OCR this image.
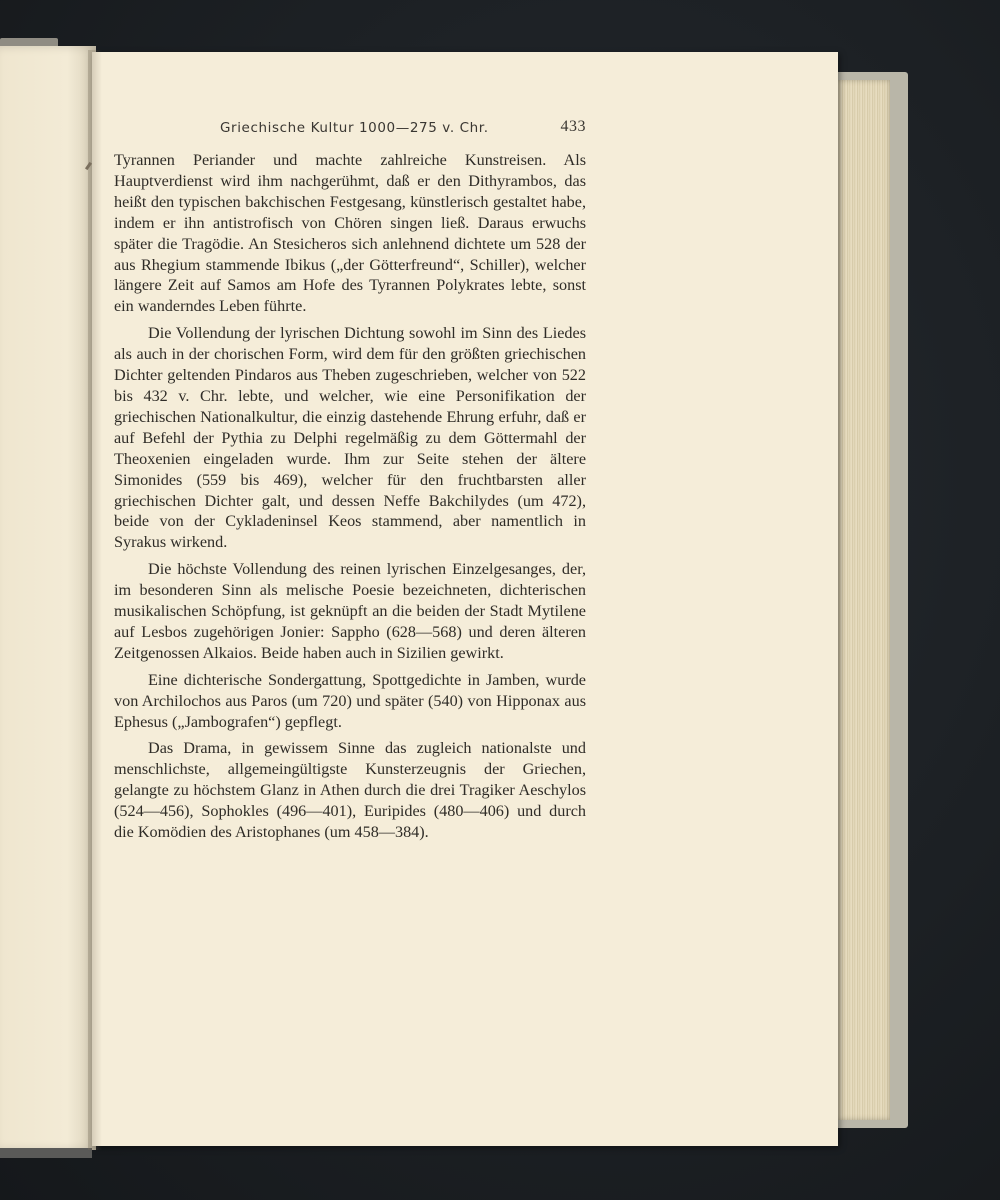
Griechische Kultur 1000—275 v. Chr.	433

Tyrannen Periander und machte zahlreiche Kunstreisen. Als Hauptverdienst wird ihm nachgerühmt, daß er den Dithyrambos, das heißt den typischen bakchischen Festgesang, künstlerisch gestaltet habe, indem er ihn antistrofisch von Chören singen ließ. Daraus erwuchs später die Tragödie. An Stesicheros sich anlehnend dichtete um 528 der aus Rhegium stammende Ibikus („der Götterfreund“, Schiller), welcher längere Zeit auf Samos am Hofe des Tyrannen Polykrates lebte, sonst ein wanderndes Leben führte.

Die Vollendung der lyrischen Dichtung sowohl im Sinn des Liedes als auch in der chorischen Form, wird dem für den größten griechischen Dichter geltenden Pindaros aus Theben zugeschrieben, welcher von 522 bis 432 v. Chr. lebte, und welcher, wie eine Personifikation der griechischen Nationalkultur, die einzig dastehende Ehrung erfuhr, daß er auf Befehl der Pythia zu Delphi regelmäßig zu dem Göttermahl der Theoxenien eingeladen wurde. Ihm zur Seite stehen der ältere Simonides (559 bis 469), welcher für den fruchtbarsten aller griechischen Dichter galt, und dessen Neffe Bakchilydes (um 472), beide von der Cykladeninsel Keos stammend, aber namentlich in Syrakus wirkend.

Die höchste Vollendung des reinen lyrischen Einzelgesanges, der, im besonderen Sinn als melische Poesie bezeichneten, dichterischen musikalischen Schöpfung, ist geknüpft an die beiden der Stadt Mytilene auf Lesbos zugehörigen Jonier: Sappho (628—568) und deren älteren Zeitgenossen Alkaios. Beide haben auch in Sizilien gewirkt.

Eine dichterische Sondergattung, Spottgedichte in Jamben, wurde von Archilochos aus Paros (um 720) und später (540) von Hipponax aus Ephesus („Jambografen“) gepflegt.

Das Drama, in gewissem Sinne das zugleich nationalste und menschlichste, allgemeingültigste Kunsterzeugnis der Griechen, gelangte zu höchstem Glanz in Athen durch die drei Tragiker Aeschylos (524—456), Sophokles (496—401), Euripides (480—406) und durch die Komödien des Aristophanes (um 458—384).
